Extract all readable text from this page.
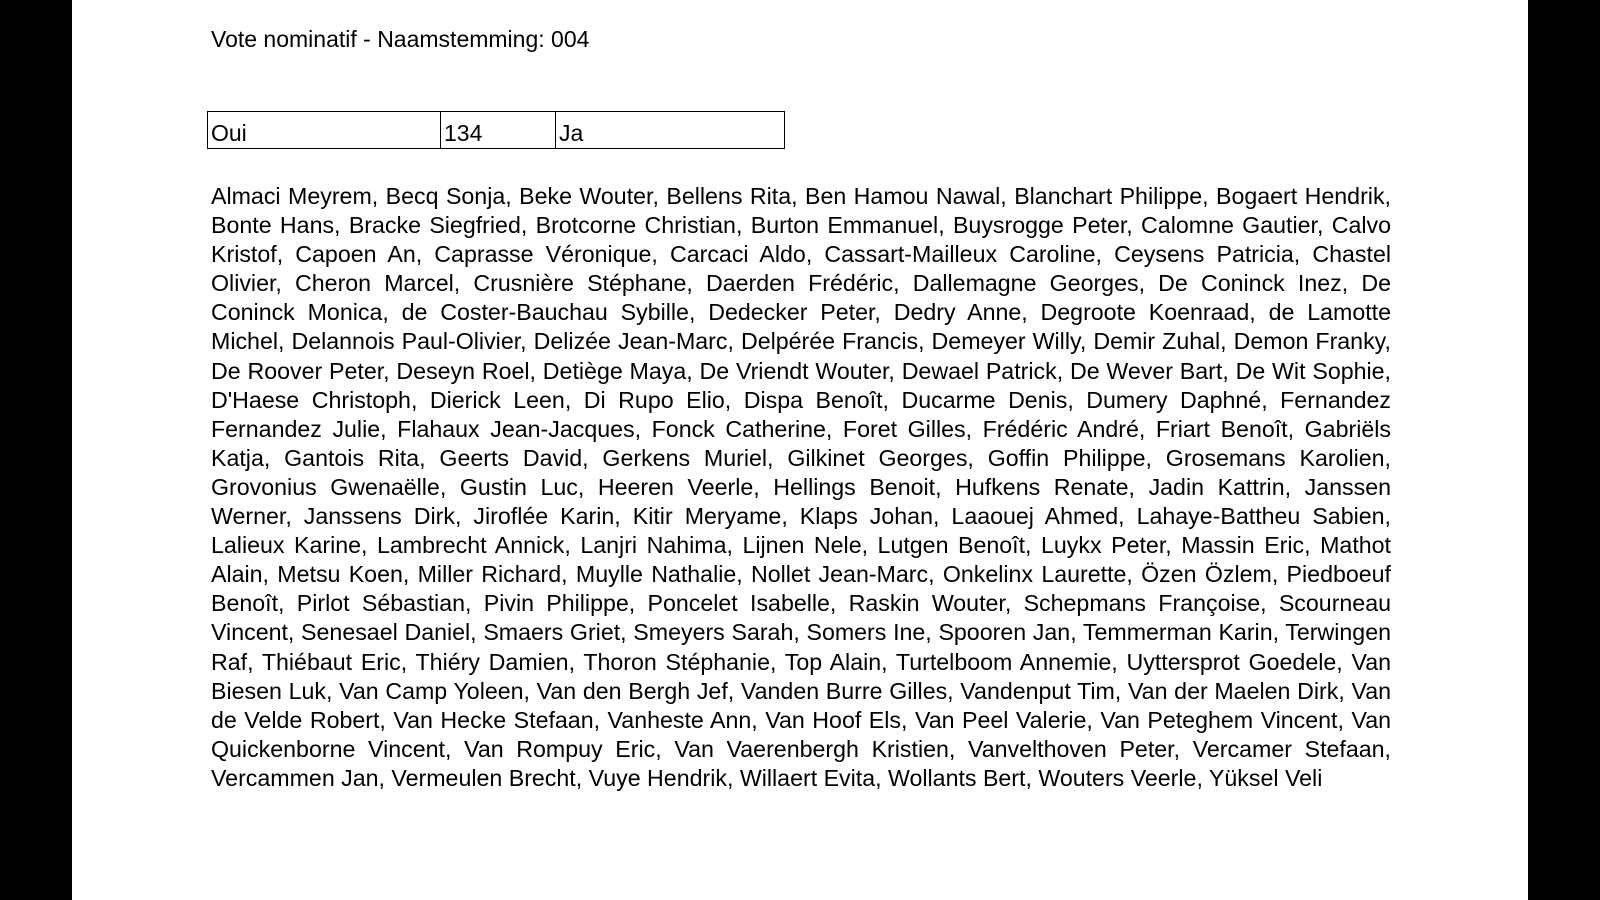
Vote nominatif - Naamstemming: 004
Oui	134	Ja

Almaci Meyrem, Becq Sonja, Beke Wouter, Bellens Rita, Ben Hamou Nawal, Blanchart Philippe, Bogaert Hendrik, Bonte Hans, Bracke Siegfried, Brotcorne Christian, Burton Emmanuel, Buysrogge Peter, Calomne Gautier, Calvo Kristof, Capoen An, Caprasse Véronique, Carcaci Aldo, Cassart-Mailleux Caroline, Ceysens Patricia, Chastel Olivier, Cheron Marcel, Crusnière Stéphane, Daerden Frédéric, Dallemagne Georges, De Coninck Inez, De Coninck Monica, de Coster-Bauchau Sybille, Dedecker Peter, Dedry Anne, Degroote Koenraad, de Lamotte Michel, Delannois Paul-Olivier, Delizée Jean-Marc, Delpérée Francis, Demeyer Willy, Demir Zuhal, Demon Franky, De Roover Peter, Deseyn Roel, Detiège Maya, De Vriendt Wouter, Dewael Patrick, De Wever Bart, De Wit Sophie, D'Haese Christoph, Dierick Leen, Di Rupo Elio, Dispa Benoît, Ducarme Denis, Dumery Daphné, Fernandez Fernandez Julie, Flahaux Jean-Jacques, Fonck Catherine, Foret Gilles, Frédéric André, Friart Benoît, Gabriëls Katja, Gantois Rita, Geerts David, Gerkens Muriel, Gilkinet Georges, Goffin Philippe, Grosemans Karolien, Grovonius Gwenaëlle, Gustin Luc, Heeren Veerle, Hellings Benoit, Hufkens Renate, Jadin Kattrin, Janssen Werner, Janssens Dirk, Jiroflée Karin, Kitir Meryame, Klaps Johan, Laaouej Ahmed, Lahaye-Battheu Sabien, Lalieux Karine, Lambrecht Annick, Lanjri Nahima, Lijnen Nele, Lutgen Benoît, Luykx Peter, Massin Eric, Mathot Alain, Metsu Koen, Miller Richard, Muylle Nathalie, Nollet Jean-Marc, Onkelinx Laurette, Özen Özlem, Piedboeuf Benoît, Pirlot Sébastian, Pivin Philippe, Poncelet Isabelle, Raskin Wouter, Schepmans Françoise, Scourneau Vincent, Senesael Daniel, Smaers Griet, Smeyers Sarah, Somers Ine, Spooren Jan, Temmerman Karin, Terwingen Raf, Thiébaut Eric, Thiéry Damien, Thoron Stéphanie, Top Alain, Turtelboom Annemie, Uyttersprot Goedele, Van Biesen Luk, Van Camp Yoleen, Van den Bergh Jef, Vanden Burre Gilles, Vandenput Tim, Van der Maelen Dirk, Van de Velde Robert, Van Hecke Stefaan, Vanheste Ann, Van Hoof Els, Van Peel Valerie, Van Peteghem Vincent, Van Quickenborne Vincent, Van Rompuy Eric, Van Vaerenbergh Kristien, Vanvelthoven Peter, Vercamer Stefaan, Vercammen Jan, Vermeulen Brecht, Vuye Hendrik, Willaert Evita, Wollants Bert, Wouters Veerle, Yüksel Veli
